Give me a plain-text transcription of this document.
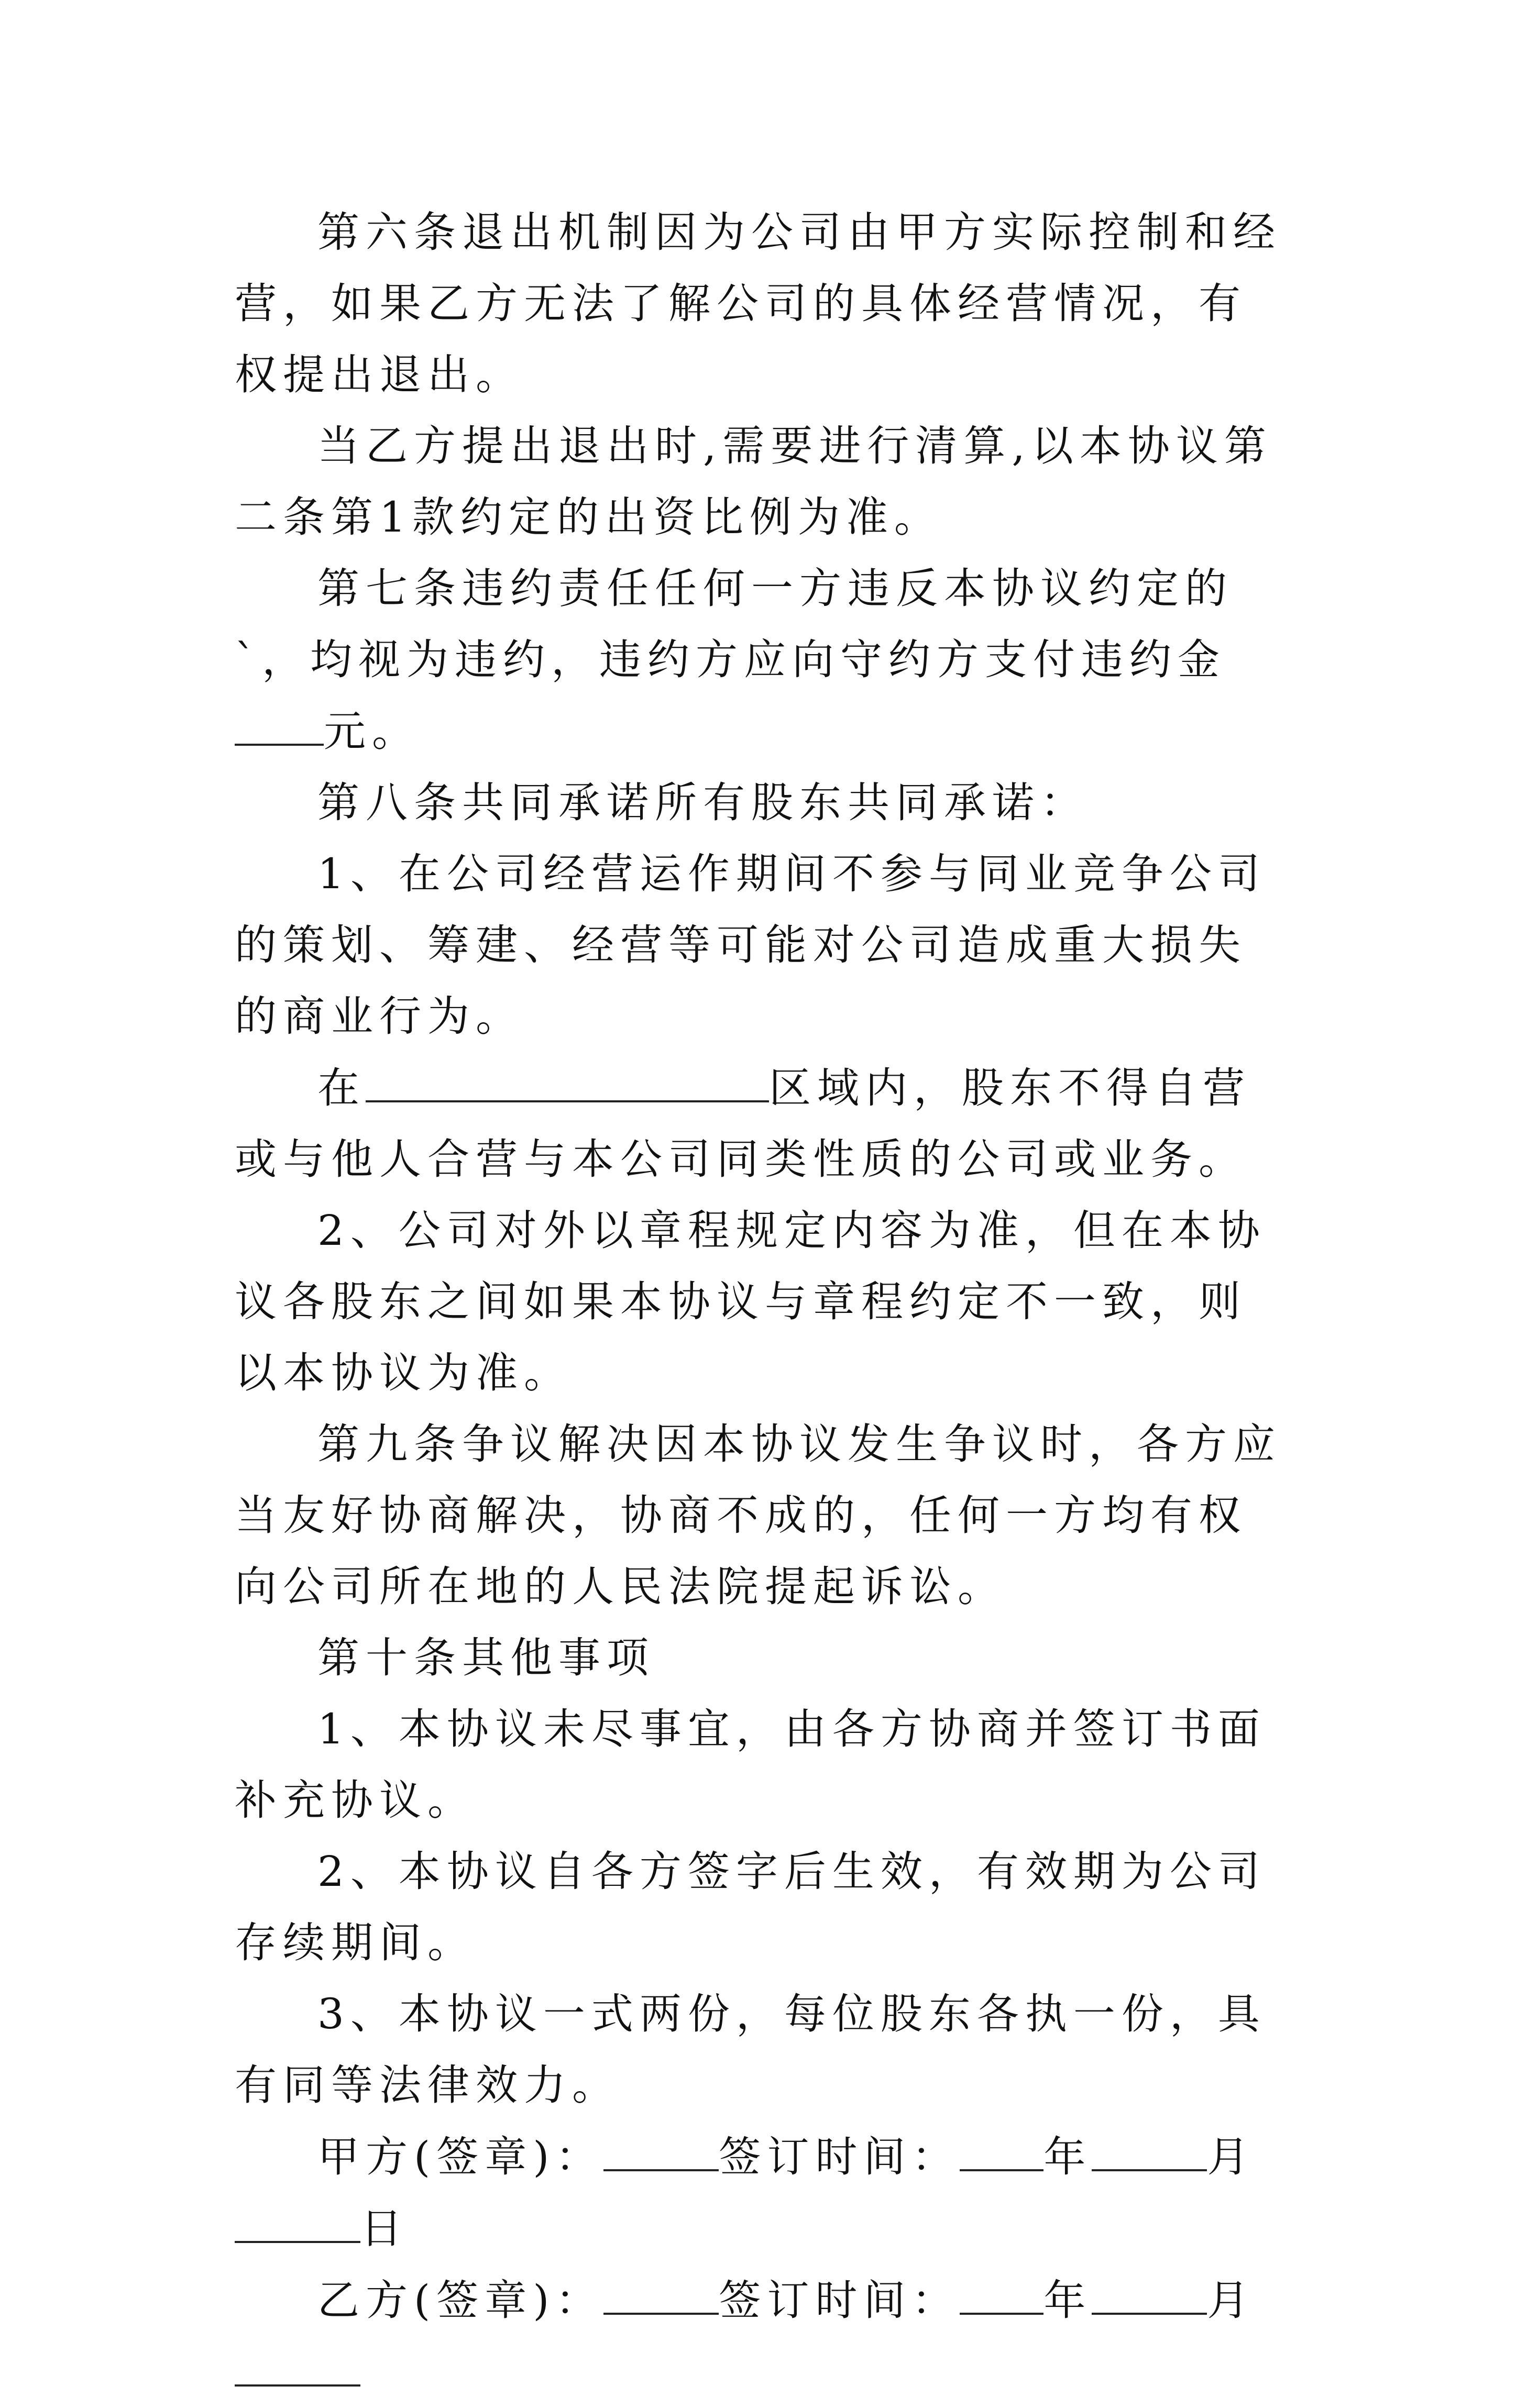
第六条退出机制因为公司由甲方实际控制和经营，如果乙方无法了解公司的具体经营情况，有权提出退出。

当乙方提出退出时,需要进行清算,以本协议第二条第1款约定的出资比例为准。

第七条违约责任任何一方违反本协议约定的`，均视为违约，违约方应向守约方支付违约金元。

第八条共同承诺所有股东共同承诺：

1、在公司经营运作期间不参与同业竞争公司的策划、筹建、经营等可能对公司造成重大损失的商业行为。

在	区域内，股东不得自营或与他人合营与本公司同类性质的公司或业务。

2、公司对外以章程规定内容为准，但在本协议各股东之间如果本协议与章程约定不一致，则以本协议为准。

第九条争议解决因本协议发生争议时，各方应当友好协商解决，协商不成的，任何一方均有权向公司所在地的人民法院提起诉讼。

第十条其他事项

1、本协议未尽事宜，由各方协商并签订书面补充协议。

2、本协议自各方签字后生效，有效期为公司存续期间。

3、本协议一式两份，每位股东各执一份，具有同等法律效力。

甲方(签章)：	签订时间： 年	月日

乙方(签章)：	签订时间： 年	月
